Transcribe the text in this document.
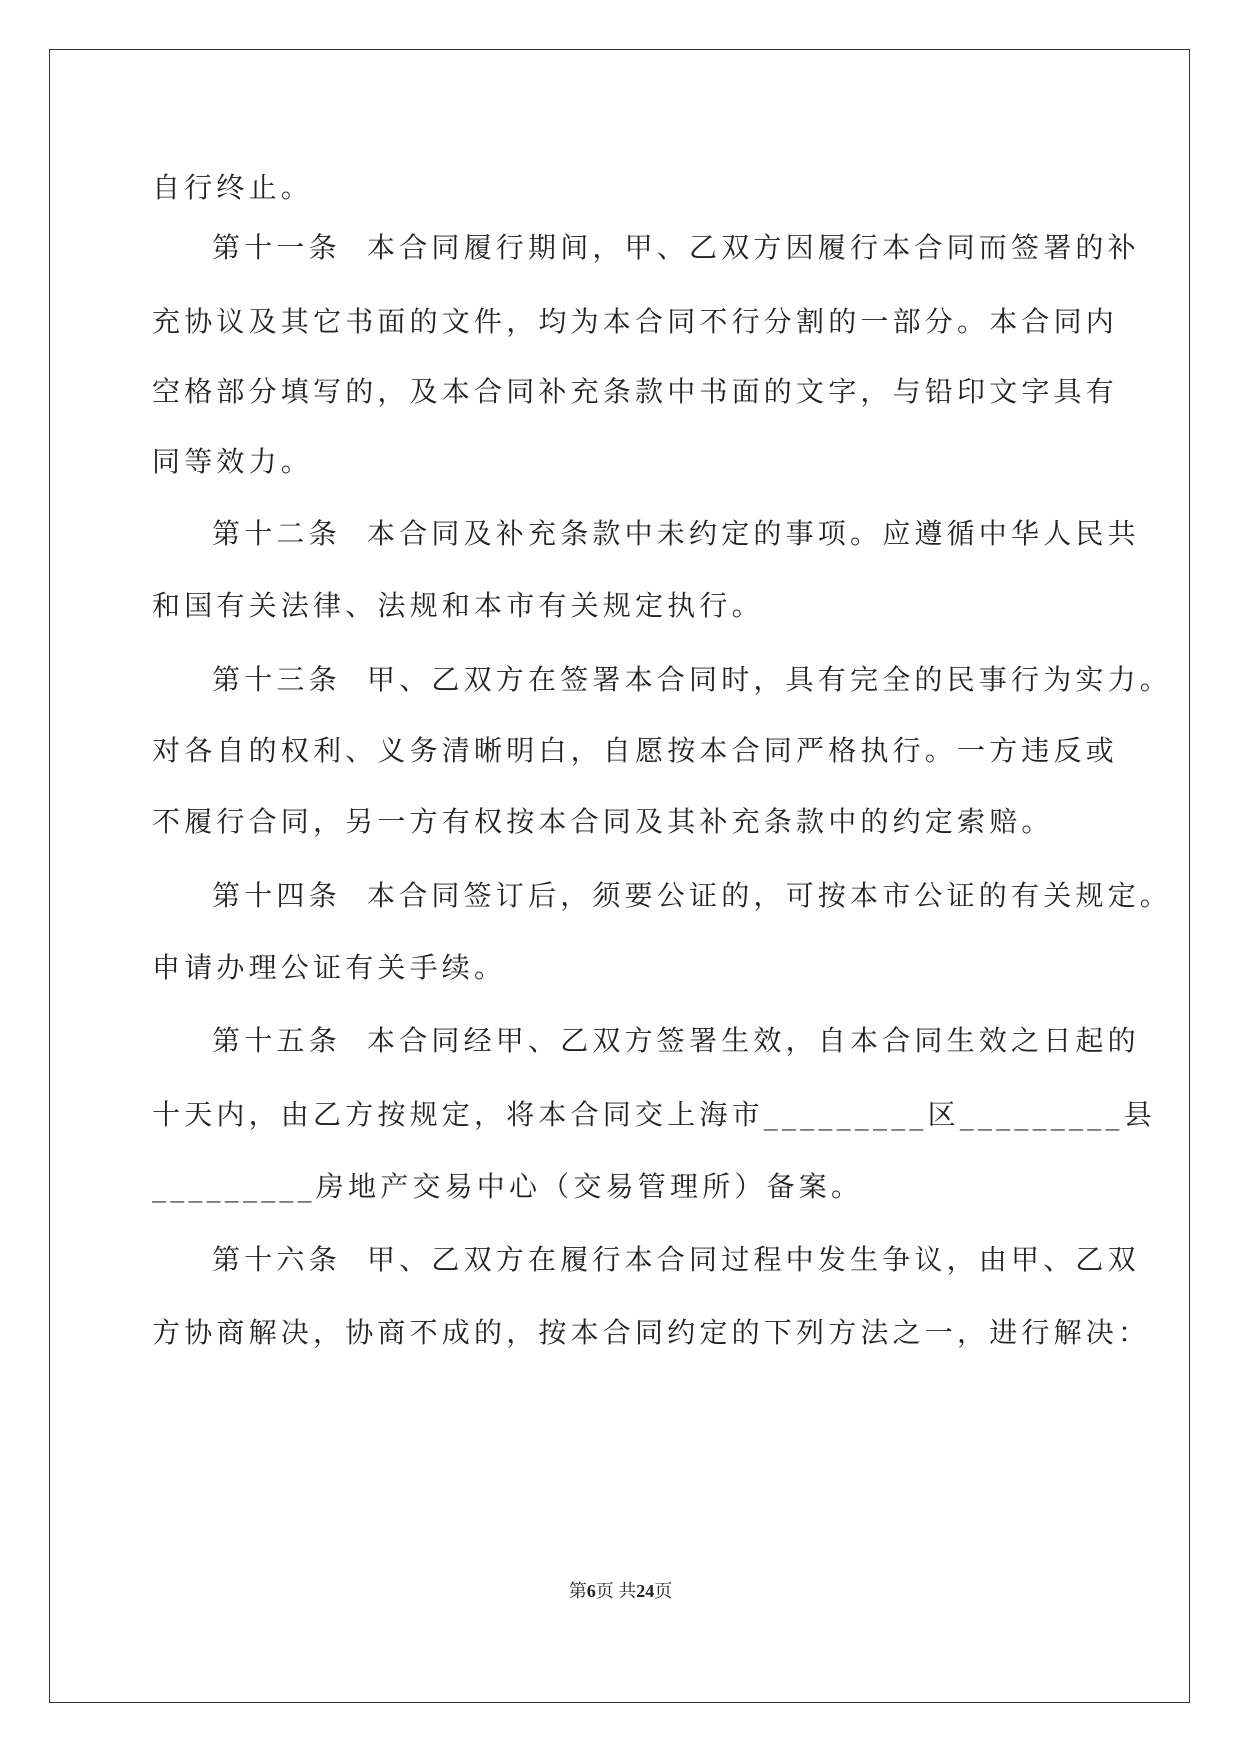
自行终止。
第十一条  本合同履行期间，甲、乙双方因履行本合同而签署的补
充协议及其它书面的文件，均为本合同不行分割的一部分。本合同内
空格部分填写的，及本合同补充条款中书面的文字，与铅印文字具有
同等效力。
第十二条  本合同及补充条款中未约定的事项。应遵循中华人民共
和国有关法律、法规和本市有关规定执行。
第十三条  甲、乙双方在签署本合同时，具有完全的民事行为实力。
对各自的权利、义务清晰明白，自愿按本合同严格执行。一方违反或
不履行合同，另一方有权按本合同及其补充条款中的约定索赔。
第十四条  本合同签订后，须要公证的，可按本市公证的有关规定。
申请办理公证有关手续。
第十五条  本合同经甲、乙双方签署生效，自本合同生效之日起的
十天内，由乙方按规定，将本合同交上海市_________区_________县
_________房地产交易中心（交易管理所）备案。
第十六条  甲、乙双方在履行本合同过程中发生争议，由甲、乙双
方协商解决，协商不成的，按本合同约定的下列方法之一，进行解决：
第6页 共24页
